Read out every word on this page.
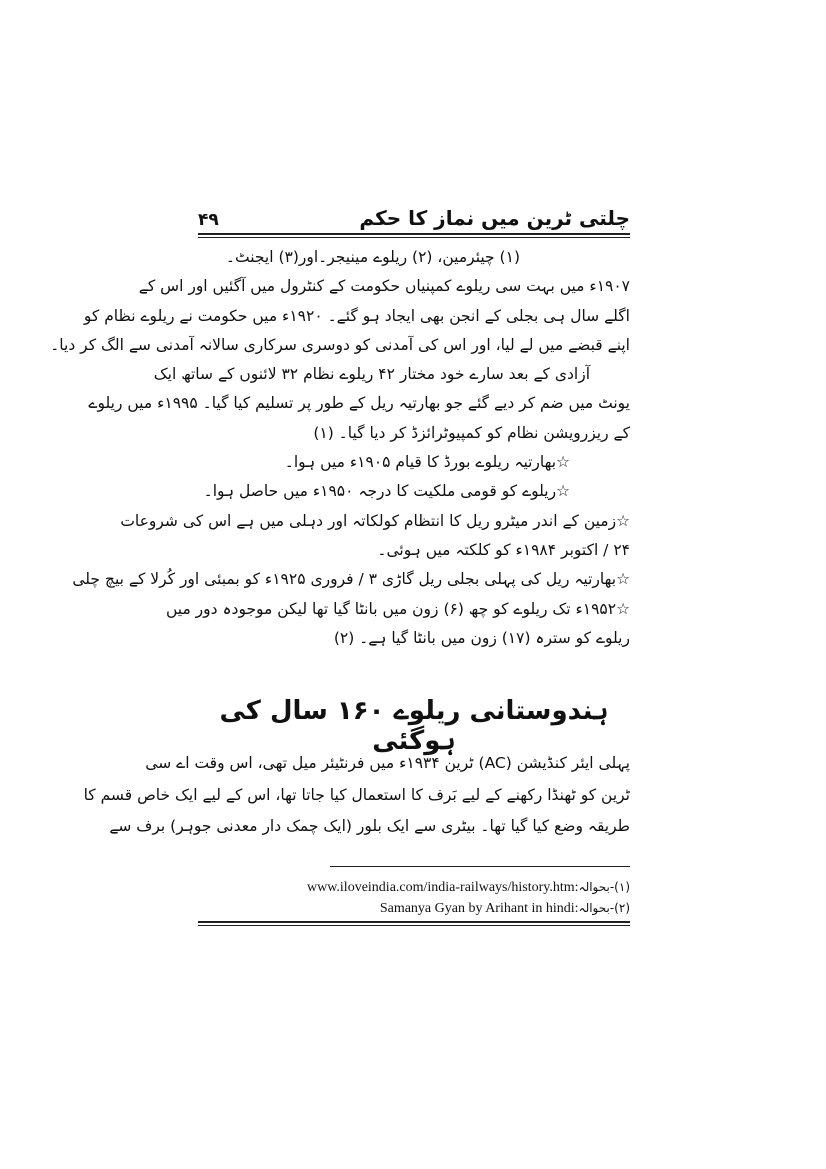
۴۹	چلتی ٹرین میں نماز کا حکم
(۱) چیئرمین، (۲) ریلوے مینیجر۔اور(۳) ایجنٹ۔
۱۹۰۷ء میں بہت سی ریلوے کمپنیاں حکومت کے کنٹرول میں آگئیں اور اس کے
اگلے سال ہی بجلی کے انجن بھی ایجاد ہو گئے۔ ۱۹۲۰ء میں حکومت نے ریلوے نظام کو
اپنے قبضے میں لے لیا، اور اس کی آمدنی کو دوسری سرکاری سالانہ آمدنی سے الگ کر دیا۔
آزادی کے بعد سارے خود مختار ۴۲ ریلوے نظام ۳۲ لائنوں کے ساتھ ایک
یونٹ میں ضم کر دیے گئے جو بھارتیہ ریل کے طور پر تسلیم کیا گیا۔ ۱۹۹۵ء میں ریلوے
کے ریزرویشن نظام کو کمپیوٹرائزڈ کر دیا گیا۔ (۱)
☆بھارتیہ ریلوے بورڈ کا قیام ۱۹۰۵ء میں ہوا۔
☆ریلوے کو قومی ملکیت کا درجہ ۱۹۵۰ء میں حاصل ہوا۔
☆زمین کے اندر میٹرو ریل کا انتظام کولکاتہ اور دہلی میں ہے اس کی شروعات
۲۴ / اکتوبر ۱۹۸۴ء کو کلکتہ میں ہوئی۔
☆بھارتیہ ریل کی پہلی بجلی ریل گاڑی ۳ / فروری ۱۹۲۵ء کو بمبئی اور کُرلا کے بیچ چلی
☆۱۹۵۲ء تک ریلوے کو چھ (۶) زون میں بانٹا گیا تھا لیکن موجودہ دور میں
ریلوے کو سترہ (۱۷) زون میں بانٹا گیا ہے۔ (۲)
ہندوستانی ریلوے ۱۶۰ سال کی ہوگئی
پہلی ایئر کنڈیشن (AC) ٹرین ۱۹۳۴ء میں فرنٹیئر میل تھی، اس وقت اے سی
ٹرین کو ٹھنڈا رکھنے کے لیے بَرف کا استعمال کیا جاتا تھا، اس کے لیے ایک خاص قسم کا
طریقہ وضع کیا گیا تھا۔ بیٹری سے ایک بلور (ایک چمک دار معدنی جوہر) برف سے
www.iloveindia.com/india-railways/history.htm:(۱)-بحوالہ
Samanya Gyan by Arihant in hindi:(۲)-بحوالہ
